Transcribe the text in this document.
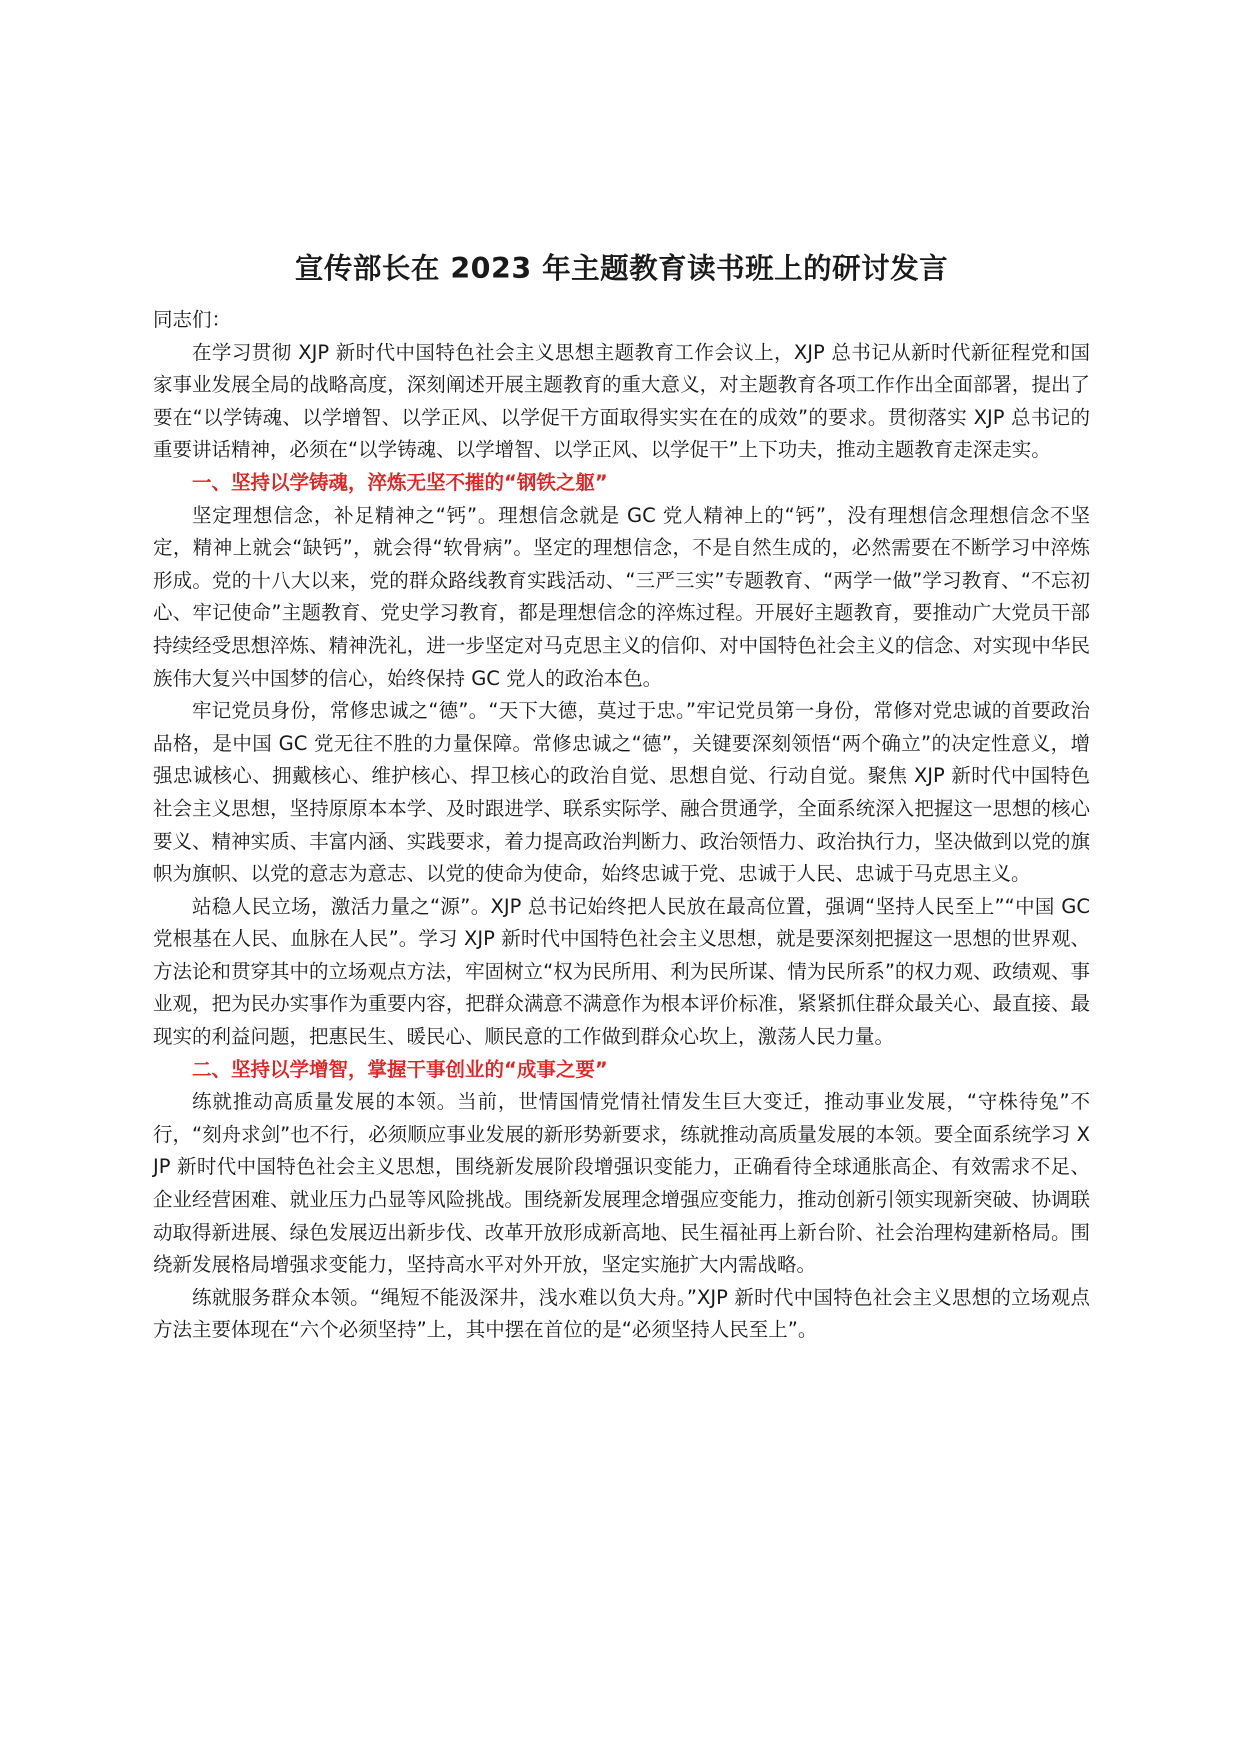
宣传部长在 2023 年主题教育读书班上的研讨发言

同志们：

在学习贯彻 XJP 新时代中国特色社会主义思想主题教育工作会议上，XJP 总书记从新时代新征程党和国家事业发展全局的战略高度，深刻阐述开展主题教育的重大意义，对主题教育各项工作作出全面部署，提出了要在“以学铸魂、以学增智、以学正风、以学促干方面取得实实在在的成效”的要求。贯彻落实 XJP 总书记的重要讲话精神，必须在“以学铸魂、以学增智、以学正风、以学促干”上下功夫，推动主题教育走深走实。

一、坚持以学铸魂，淬炼无坚不摧的“钢铁之躯”

坚定理想信念，补足精神之“钙”。理想信念就是 GC 党人精神上的“钙”，没有理想信念理想信念不坚定，精神上就会“缺钙”，就会得“软骨病”。坚定的理想信念，不是自然生成的，必然需要在不断学习中淬炼形成。党的十八大以来，党的群众路线教育实践活动、“三严三实”专题教育、“两学一做”学习教育、“不忘初心、牢记使命”主题教育、党史学习教育，都是理想信念的淬炼过程。开展好主题教育，要推动广大党员干部持续经受思想淬炼、精神洗礼，进一步坚定对马克思主义的信仰、对中国特色社会主义的信念、对实现中华民族伟大复兴中国梦的信心，始终保持 GC 党人的政治本色。

牢记党员身份，常修忠诚之“德”。“天下大德，莫过于忠。”牢记党员第一身份，常修对党忠诚的首要政治品格，是中国 GC 党无往不胜的力量保障。常修忠诚之“德”，关键要深刻领悟“两个确立”的决定性意义，增强忠诚核心、拥戴核心、维护核心、捍卫核心的政治自觉、思想自觉、行动自觉。聚焦 XJP 新时代中国特色社会主义思想，坚持原原本本学、及时跟进学、联系实际学、融合贯通学，全面系统深入把握这一思想的核心要义、精神实质、丰富内涵、实践要求，着力提高政治判断力、政治领悟力、政治执行力，坚决做到以党的旗帜为旗帜、以党的意志为意志、以党的使命为使命，始终忠诚于党、忠诚于人民、忠诚于马克思主义。

站稳人民立场，激活力量之“源”。XJP 总书记始终把人民放在最高位置，强调“坚持人民至上”“中国 GC 党根基在人民、血脉在人民”。学习 XJP 新时代中国特色社会主义思想，就是要深刻把握这一思想的世界观、方法论和贯穿其中的立场观点方法，牢固树立“权为民所用、利为民所谋、情为民所系”的权力观、政绩观、事业观，把为民办实事作为重要内容，把群众满意不满意作为根本评价标准，紧紧抓住群众最关心、最直接、最现实的利益问题，把惠民生、暖民心、顺民意的工作做到群众心坎上，激荡人民力量。

二、坚持以学增智，掌握干事创业的“成事之要”

练就推动高质量发展的本领。当前，世情国情党情社情发生巨大变迁，推动事业发展，“守株待兔”不行，“刻舟求剑”也不行，必须顺应事业发展的新形势新要求，练就推动高质量发展的本领。要全面系统学习 XJP 新时代中国特色社会主义思想，围绕新发展阶段增强识变能力，正确看待全球通胀高企、有效需求不足、企业经营困难、就业压力凸显等风险挑战。围绕新发展理念增强应变能力，推动创新引领实现新突破、协调联动取得新进展、绿色发展迈出新步伐、改革开放形成新高地、民生福祉再上新台阶、社会治理构建新格局。围绕新发展格局增强求变能力，坚持高水平对外开放，坚定实施扩大内需战略。

练就服务群众本领。“绳短不能汲深井，浅水难以负大舟。”XJP 新时代中国特色社会主义思想的立场观点方法主要体现在“六个必须坚持”上，其中摆在首位的是“必须坚持人民至上”。
